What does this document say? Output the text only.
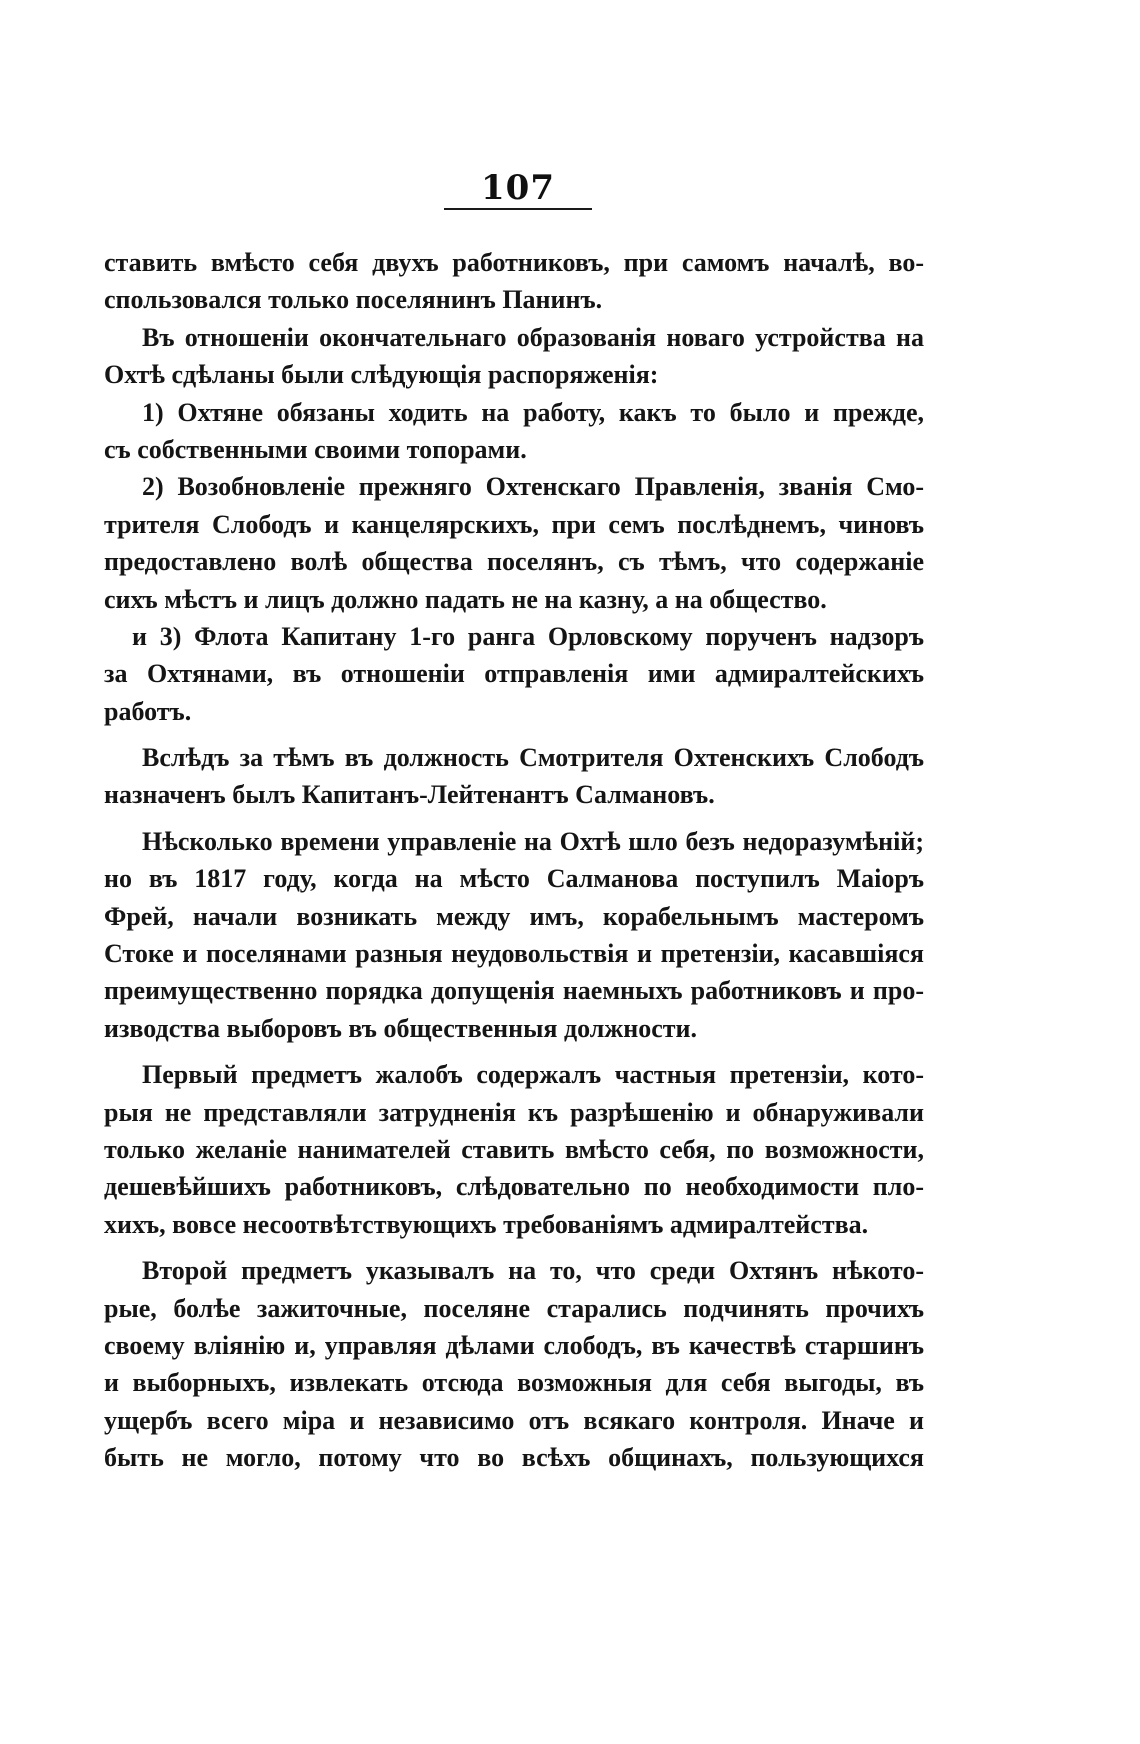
107
ставить вмѣсто себя двухъ работниковъ, при самомъ началѣ, во-
спользовался только поселянинъ Панинъ.
Въ отношеніи окончательнаго образованія новаго устройства на
Охтѣ сдѣланы были слѣдующія распоряженія:
1) Охтяне обязаны ходить на работу, какъ то было и прежде,
съ собственными своими топорами.
2) Возобновленіе прежняго Охтенскаго Правленія, званія Смо-
трителя Слободъ и канцелярскихъ, при семъ послѣднемъ, чиновъ
предоставлено волѣ общества поселянъ, съ тѣмъ, что содержаніе
сихъ мѣстъ и лицъ должно падать не на казну, а на общество.
и 3) Флота Капитану 1-го ранга Орловскому порученъ надзоръ
за Охтянами, въ отношеніи отправленія ими адмиралтейскихъ
работъ.
Вслѣдъ за тѣмъ въ должность Смотрителя Охтенскихъ Слободъ
назначенъ былъ Капитанъ-Лейтенантъ Салмановъ.
Нѣсколько времени управленіе на Охтѣ шло безъ недоразумѣній;
но въ 1817 году, когда на мѣсто Салманова поступилъ Маіоръ
Фрей, начали возникать между имъ, корабельнымъ мастеромъ
Стоке и поселянами разныя неудовольствія и претензіи, касавшіяся
преимущественно порядка допущенія наемныхъ работниковъ и про-
изводства выборовъ въ общественныя должности.
Первый предметъ жалобъ содержалъ частныя претензіи, кото-
рыя не представляли затрудненія къ разрѣшенію и обнаруживали
только желаніе нанимателей ставить вмѣсто себя, по возможности,
дешевѣйшихъ работниковъ, слѣдовательно по необходимости пло-
хихъ, вовсе несоотвѣтствующихъ требованіямъ адмиралтейства.
Второй предметъ указывалъ на то, что среди Охтянъ нѣкото-
рые, болѣе зажиточные, поселяне старались подчинять прочихъ
своему вліянію и, управляя дѣлами слободъ, въ качествѣ старшинъ
и выборныхъ, извлекать отсюда возможныя для себя выгоды, въ
ущербъ всего міра и независимо отъ всякаго контроля. Иначе и
быть не могло, потому что во всѣхъ общинахъ, пользующихся
